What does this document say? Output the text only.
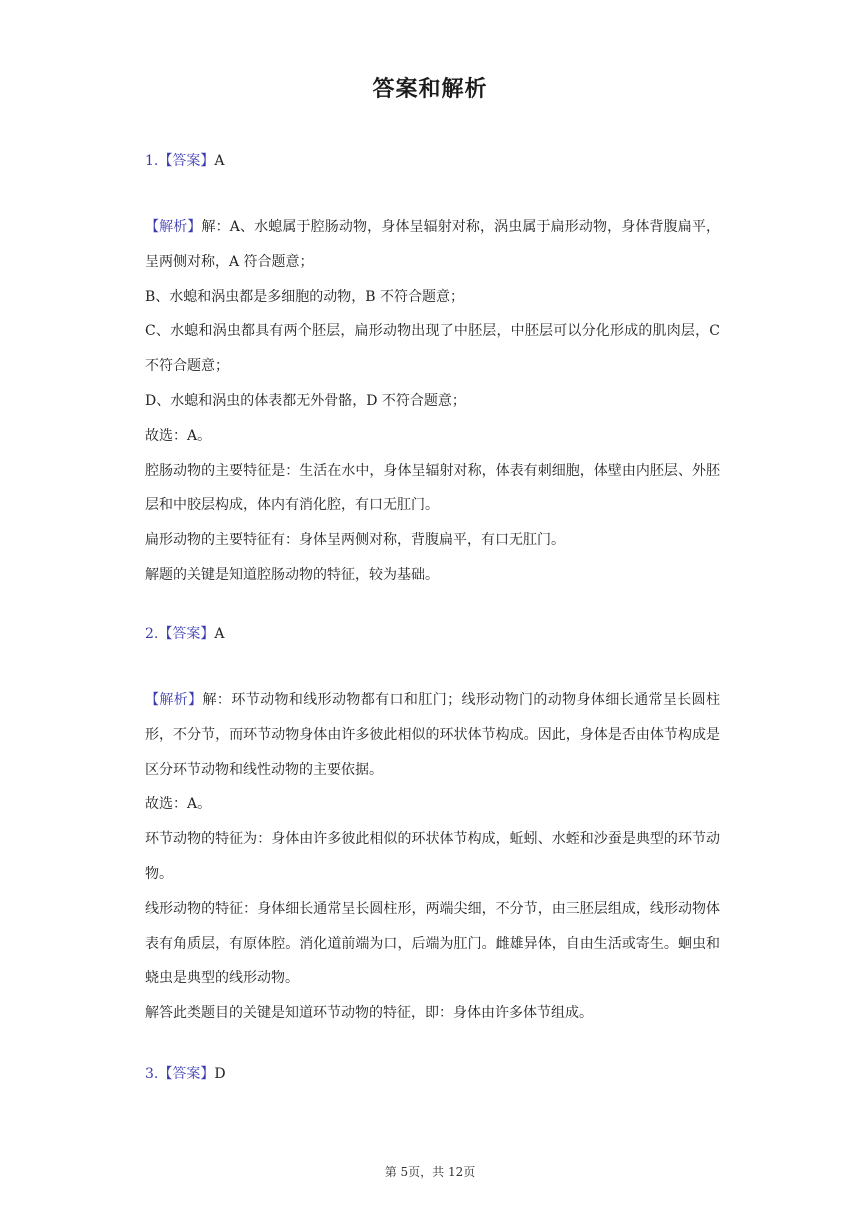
答案和解析
1.【答案】A

【解析】解：A、水螅属于腔肠动物，身体呈辐射对称，涡虫属于扁形动物，身体背腹扁平，呈两侧对称，A 符合题意；

B、水螅和涡虫都是多细胞的动物，B 不符合题意；

C、水螅和涡虫都具有两个胚层，扁形动物出现了中胚层，中胚层可以分化形成的肌肉层，C 不符合题意；

D、水螅和涡虫的体表都无外骨骼，D 不符合题意；

故选：A。

腔肠动物的主要特征是：生活在水中，身体呈辐射对称，体表有刺细胞，体壁由内胚层、外胚层和中胶层构成，体内有消化腔，有口无肛门。

扁形动物的主要特征有：身体呈两侧对称，背腹扁平，有口无肛门。

解题的关键是知道腔肠动物的特征，较为基础。

2.【答案】A

【解析】解：环节动物和线形动物都有口和肛门；线形动物门的动物身体细长通常呈长圆柱形，不分节，而环节动物身体由许多彼此相似的环状体节构成。因此，身体是否由体节构成是区分环节动物和线性动物的主要依据。

故选：A。

环节动物的特征为：身体由许多彼此相似的环状体节构成，蚯蚓、水蛭和沙蚕是典型的环节动物。

线形动物的特征：身体细长通常呈长圆柱形，两端尖细，不分节，由三胚层组成，线形动物体表有角质层，有原体腔。消化道前端为口，后端为肛门。雌雄异体，自由生活或寄生。蛔虫和蛲虫是典型的线形动物。

解答此类题目的关键是知道环节动物的特征，即：身体由许多体节组成。

3.【答案】D
第 5页，共 12页
